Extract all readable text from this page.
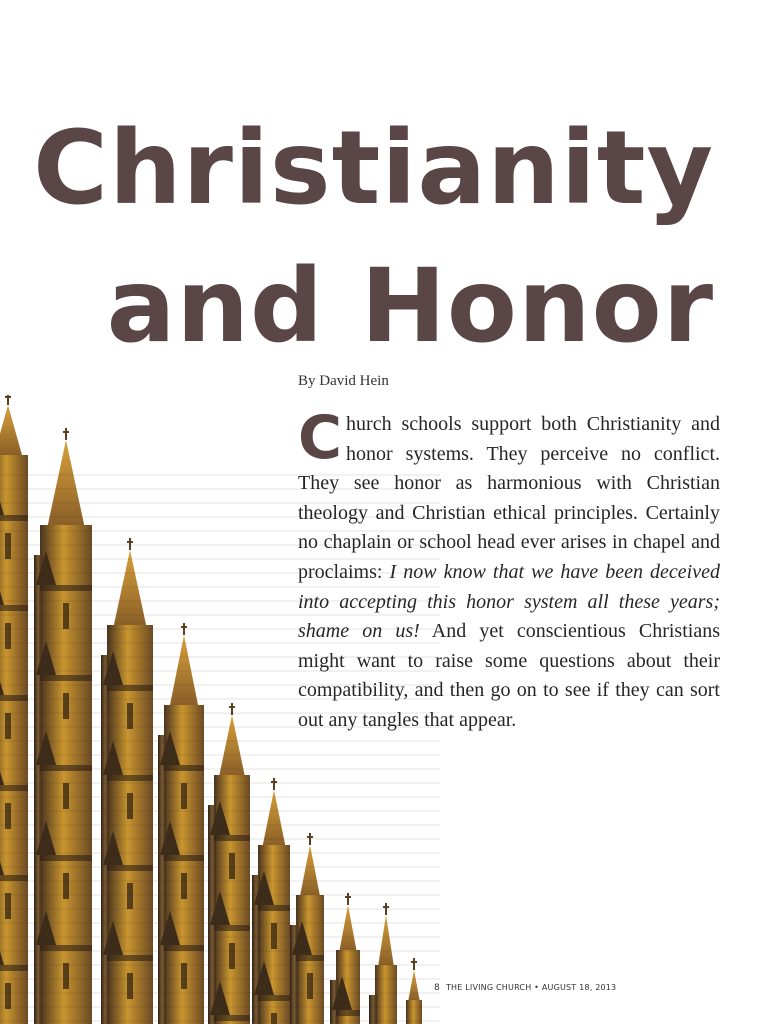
Christianity
and Honor
By David Hein

Church schools support both Christianity and honor systems. They perceive no conflict. They see honor as harmonious with Christian theology and Christian ethical principles. Certainly no chaplain or school head ever arises in chapel and proclaims: I now know that we have been deceived into accepting this honor system all these years; shame on us! And yet conscientious Christians might want to raise some questions about their compatibility, and then go on to see if they can sort out any tangles that appear.

8 THE LIVING CHURCH • AUGUST 18, 2013
